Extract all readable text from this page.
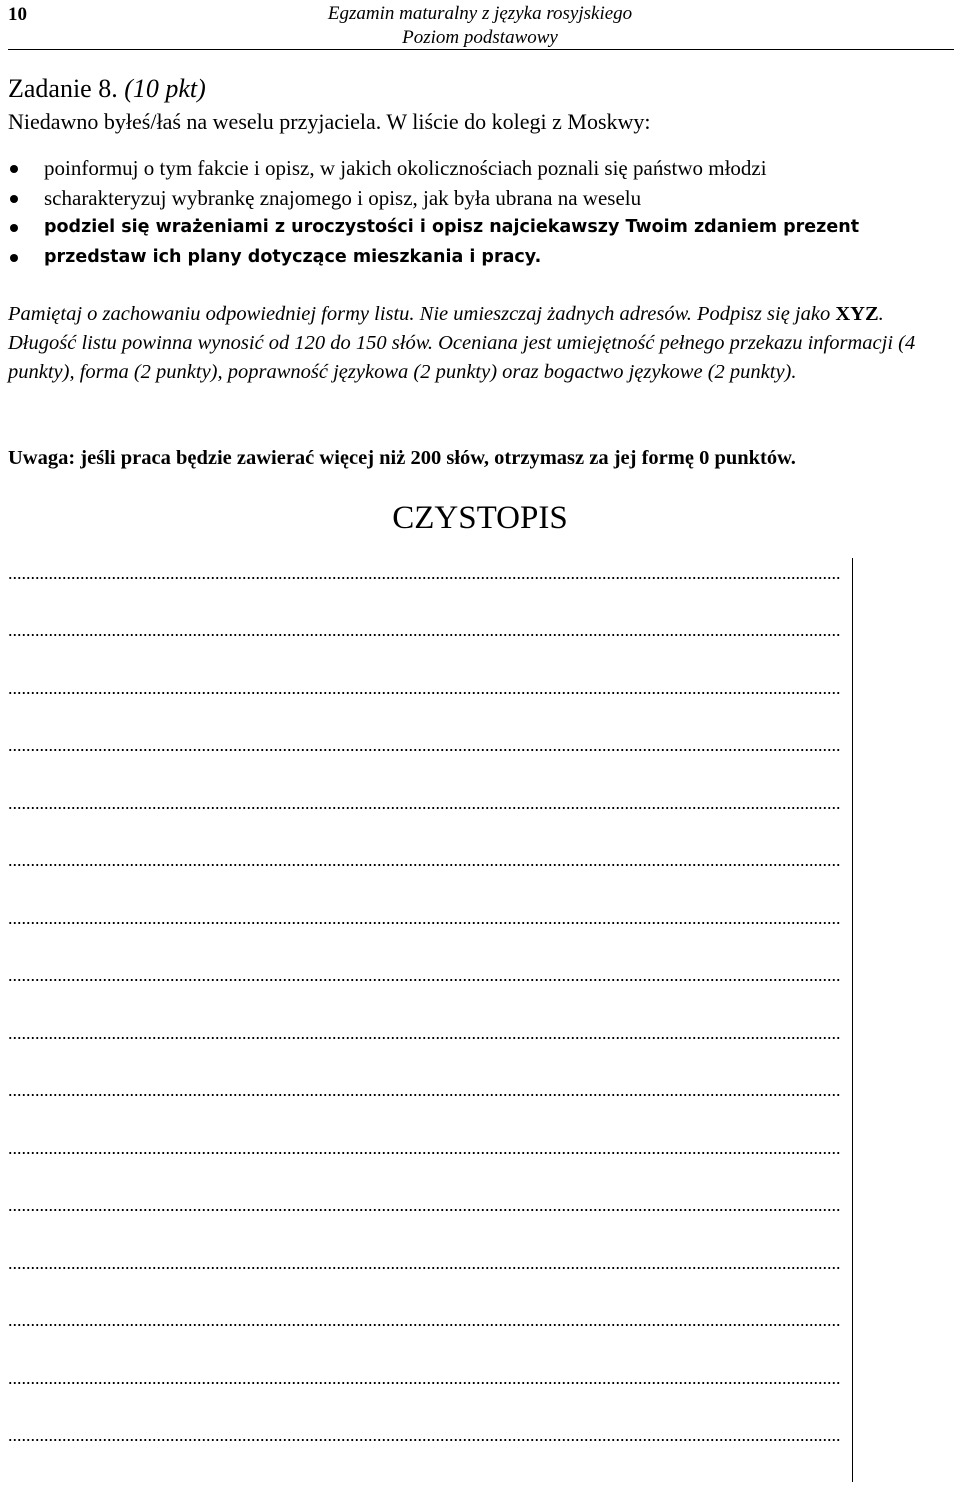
10	Egzamin maturalny z języka rosyjskiego
Poziom podstawowy
Zadanie 8. (10 pkt)
Niedawno byłeś/łaś na weselu przyjaciela. W liście do kolegi z Moskwy:
poinformuj o tym fakcie i opisz, w jakich okolicznościach poznali się państwo młodzi
scharakteryzuj wybrankę znajomego i opisz, jak była ubrana na weselu
podziel się wrażeniami z uroczystości i opisz najciekawszy Twoim zdaniem prezent
przedstaw ich plany dotyczące mieszkania i pracy.
Pamiętaj o zachowaniu odpowiedniej formy listu. Nie umieszczaj żadnych adresów. Podpisz się jako XYZ. Długość listu powinna wynosić od 120 do 150 słów. Oceniana jest umiejętność pełnego przekazu informacji (4 punkty), forma (2 punkty), poprawność językowa (2 punkty) oraz bogactwo językowe (2 punkty).
Uwaga: jeśli praca będzie zawierać więcej niż 200 słów, otrzymasz za jej formę 0 punktów.
CZYSTOPIS
